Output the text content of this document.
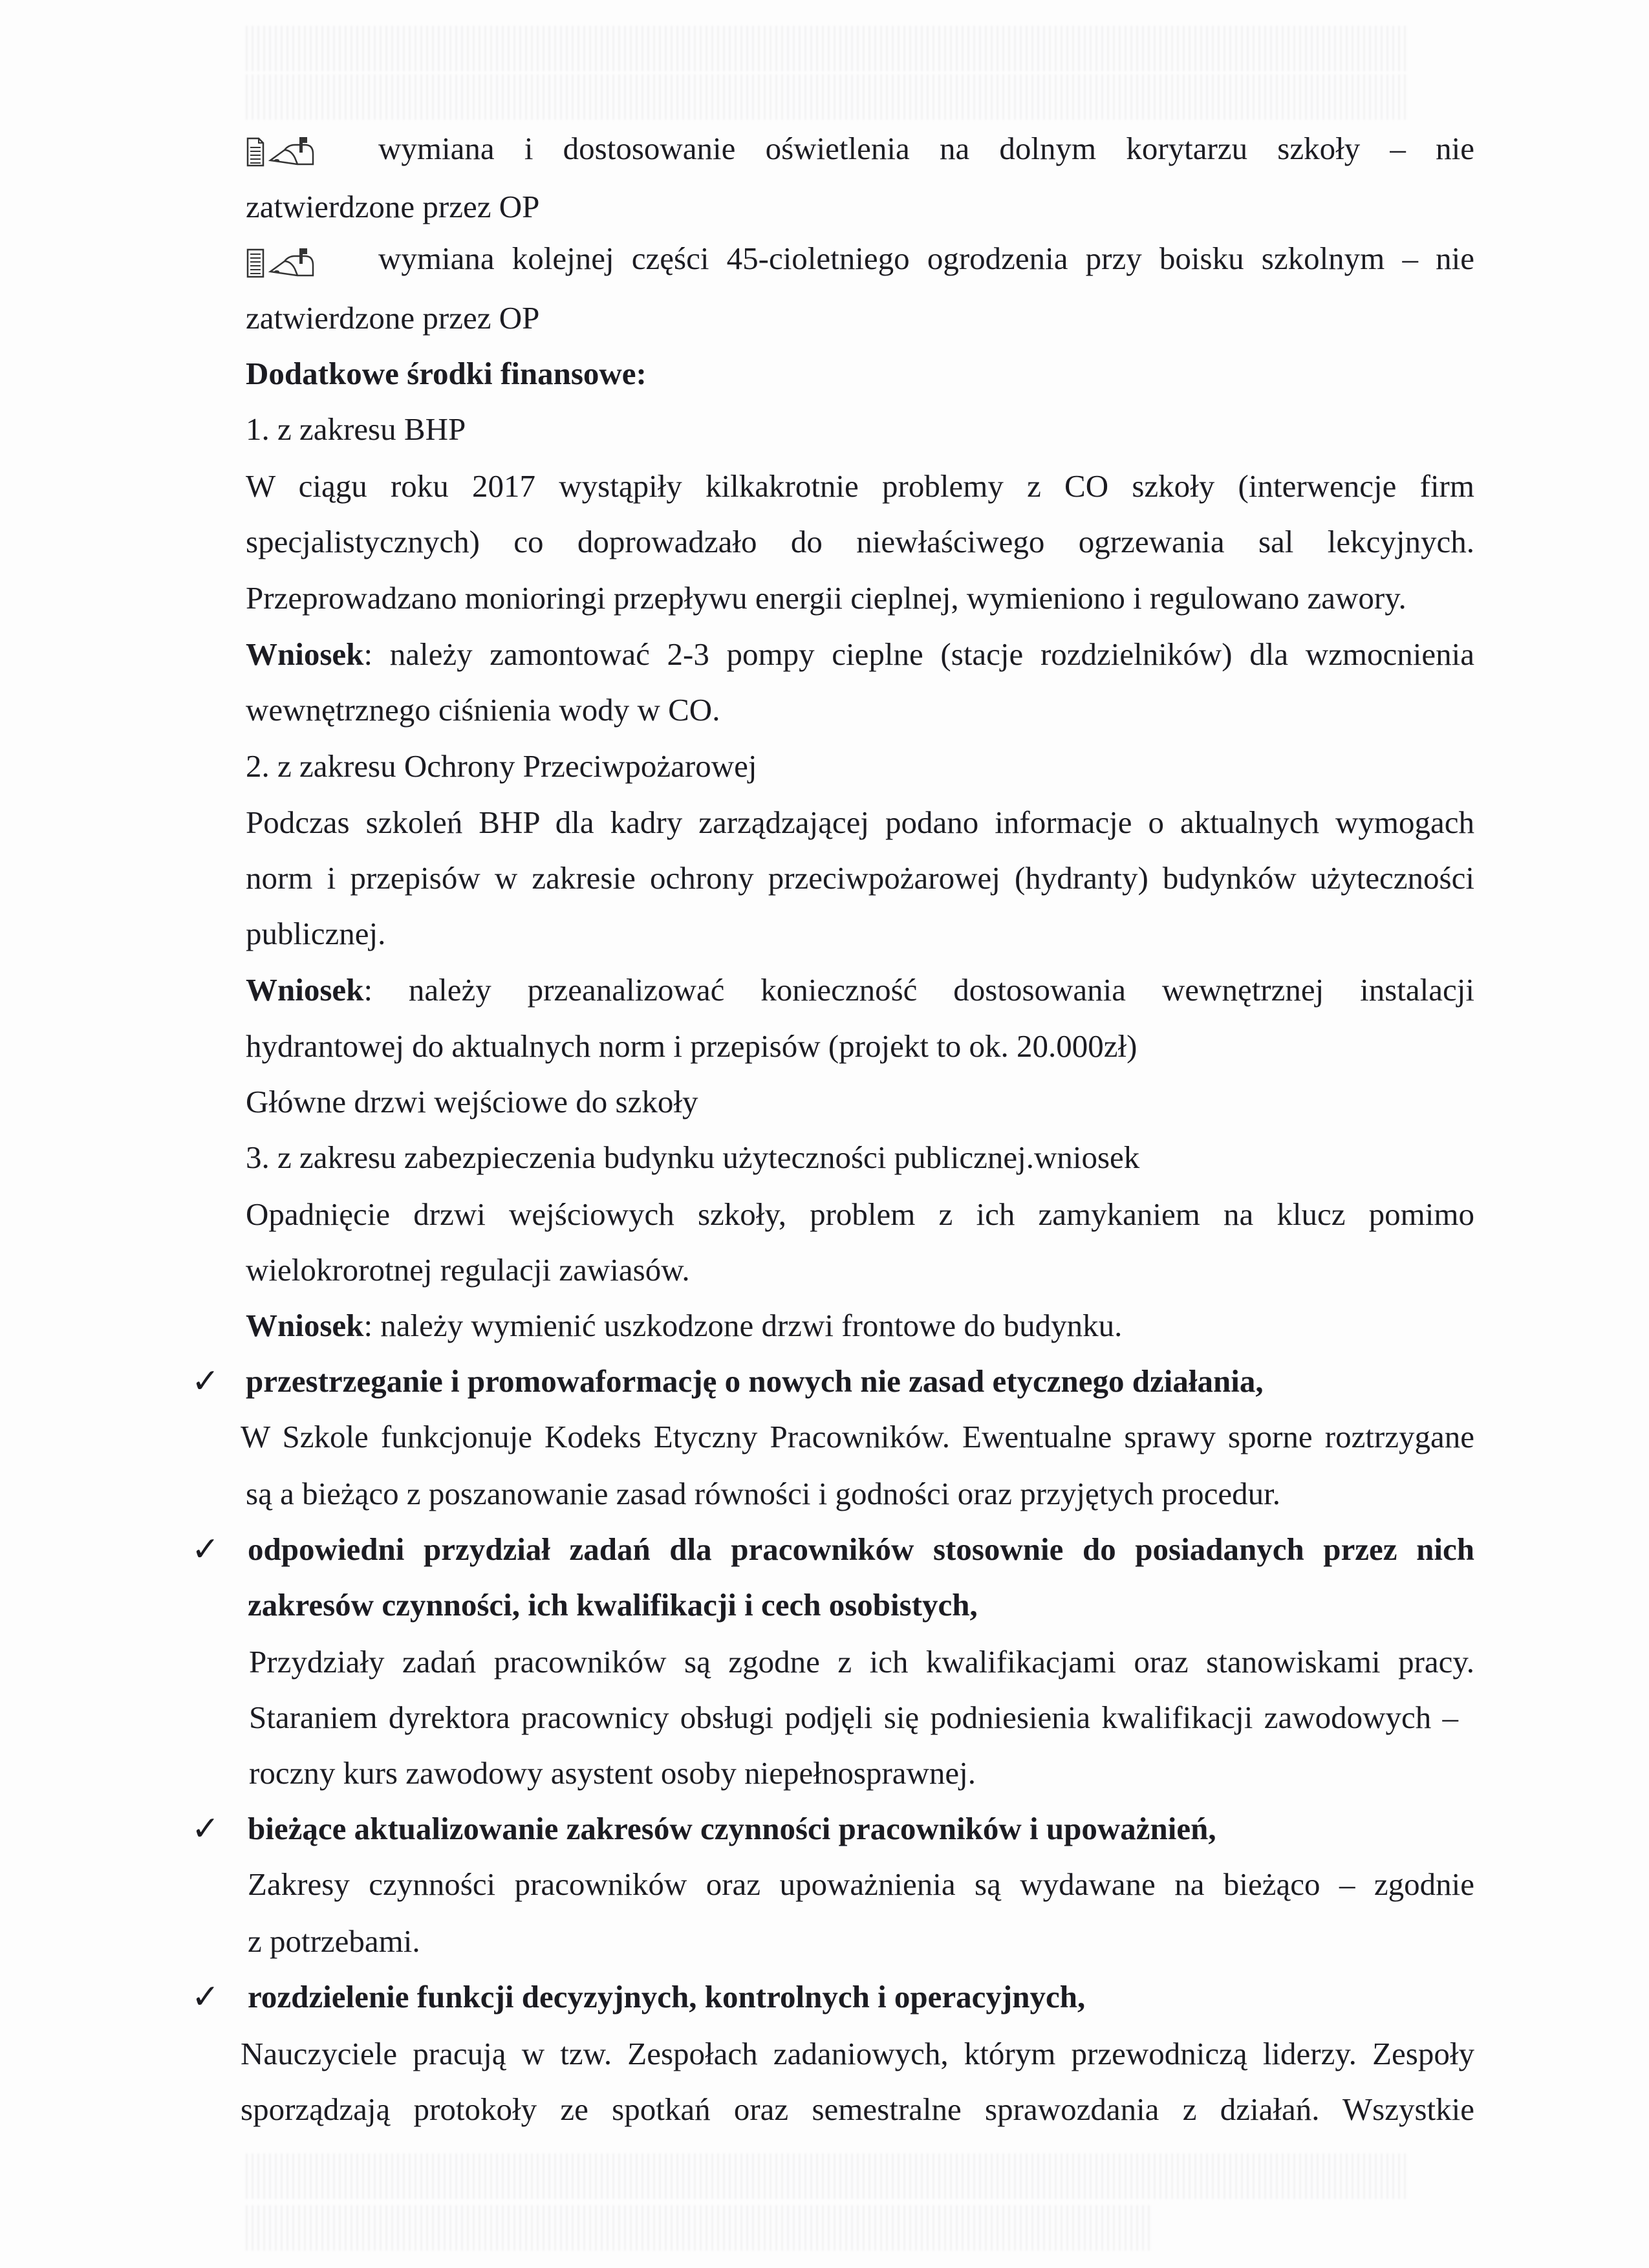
wymiana i dostosowanie oświetlenia na dolnym korytarzu szkoły – nie
zatwierdzone przez OP
wymiana kolejnej części 45-cioletniego ogrodzenia przy boisku szkolnym – nie
zatwierdzone przez OP
Dodatkowe środki finansowe:
1. z zakresu BHP
W ciągu roku 2017 wystąpiły kilkakrotnie problemy z CO szkoły (interwencje firm
specjalistycznych) co doprowadzało do niewłaściwego ogrzewania sal lekcyjnych.
Przeprowadzano monioringi przepływu energii cieplnej, wymieniono i regulowano zawory.
Wniosek: należy zamontować 2-3 pompy cieplne (stacje rozdzielników) dla wzmocnienia
wewnętrznego ciśnienia wody w CO.
2. z zakresu Ochrony Przeciwpożarowej
Podczas szkoleń BHP dla kadry zarządzającej podano informacje o aktualnych wymogach
norm i przepisów w zakresie ochrony przeciwpożarowej (hydranty) budynków użyteczności
publicznej.
Wniosek: należy przeanalizować konieczność dostosowania wewnętrznej instalacji
hydrantowej do aktualnych norm i przepisów (projekt to ok. 20.000zł)
Główne drzwi wejściowe do szkoły
3. z zakresu zabezpieczenia budynku użyteczności publicznej.wniosek
Opadnięcie drzwi wejściowych szkoły, problem z ich zamykaniem na klucz pomimo
wielokrorotnej regulacji zawiasów.
Wniosek: należy wymienić uszkodzone drzwi frontowe do budynku.
✓ przestrzeganie i promowaformację o nowych nie zasad etycznego działania,
W Szkole funkcjonuje Kodeks Etyczny Pracowników. Ewentualne sprawy sporne roztrzygane
są a bieżąco z poszanowanie zasad równości i godności oraz przyjętych procedur.
✓ odpowiedni przydział zadań dla pracowników stosownie do posiadanych przez nich
zakresów czynności, ich kwalifikacji i cech osobistych,
Przydziały zadań pracowników są zgodne z ich kwalifikacjami oraz stanowiskami pracy.
Staraniem dyrektora pracownicy obsługi podjęli się podniesienia kwalifikacji zawodowych –
roczny kurs zawodowy asystent osoby niepełnosprawnej.
✓ bieżące aktualizowanie zakresów czynności pracowników i upoważnień,
Zakresy czynności pracowników oraz upoważnienia są wydawane na bieżąco – zgodnie
z potrzebami.
✓ rozdzielenie funkcji decyzyjnych, kontrolnych i operacyjnych,
Nauczyciele pracują w tzw. Zespołach zadaniowych, którym przewodniczą liderzy. Zespoły
sporządzają protokoły ze spotkań oraz semestralne sprawozdania z działań. Wszystkie
